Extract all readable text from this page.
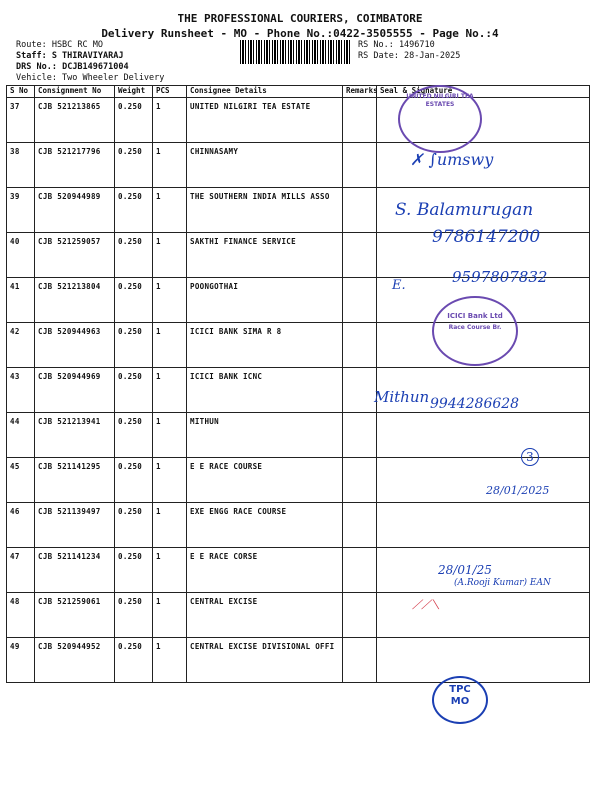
THE PROFESSIONAL COURIERS, COIMBATORE
Delivery Runsheet - MO - Phone No.:0422-3505555 - Page No.:4
Route: HSBC RC MO
Staff: S THIRAVIYARAJ
DRS No.: DCJB149671004
Vehicle: Two Wheeler Delivery
RS No.: 1496710
RS Date: 28-Jan-2025
S No	Consignment No	Weight	PCS	Consignee Details	Remarks	Seal & Signature
37	CJB 521213865	0.250	1	UNITED NILGIRI TEA ESTATE		
38	CJB 521217796	0.250	1	CHINNASAMY		
39	CJB 520944989	0.250	1	THE SOUTHERN INDIA MILLS ASSO		
40	CJB 521259057	0.250	1	SAKTHI FINANCE SERVICE		
41	CJB 521213804	0.250	1	POONGOTHAI		
42	CJB 520944963	0.250	1	ICICI BANK SIMA R 8		
43	CJB 520944969	0.250	1	ICICI BANK ICNC		
44	CJB 521213941	0.250	1	MITHUN		
45	CJB 521141295	0.250	1	E E RACE COURSE		
46	CJB 521139497	0.250	1	EXE ENGG RACE COURSE		
47	CJB 521141234	0.250	1	E E RACE CORSE		
48	CJB 521259061	0.250	1	CENTRAL EXCISE		
49	CJB 520944952	0.250	1	CENTRAL EXCISE DIVISIONAL OFFI		
UNITED NILGIRI TEA ESTATES
✗ ∫umswy
S. Balamurugan
9786147200
E.	9597807832
ICICI Bank Ltd
Race Course Br.
Mithun 9944286628
3
28/01/2025
28/01/25
(A.Rooji Kumar) EAN
⟋⟋⟍
TPC
MO
